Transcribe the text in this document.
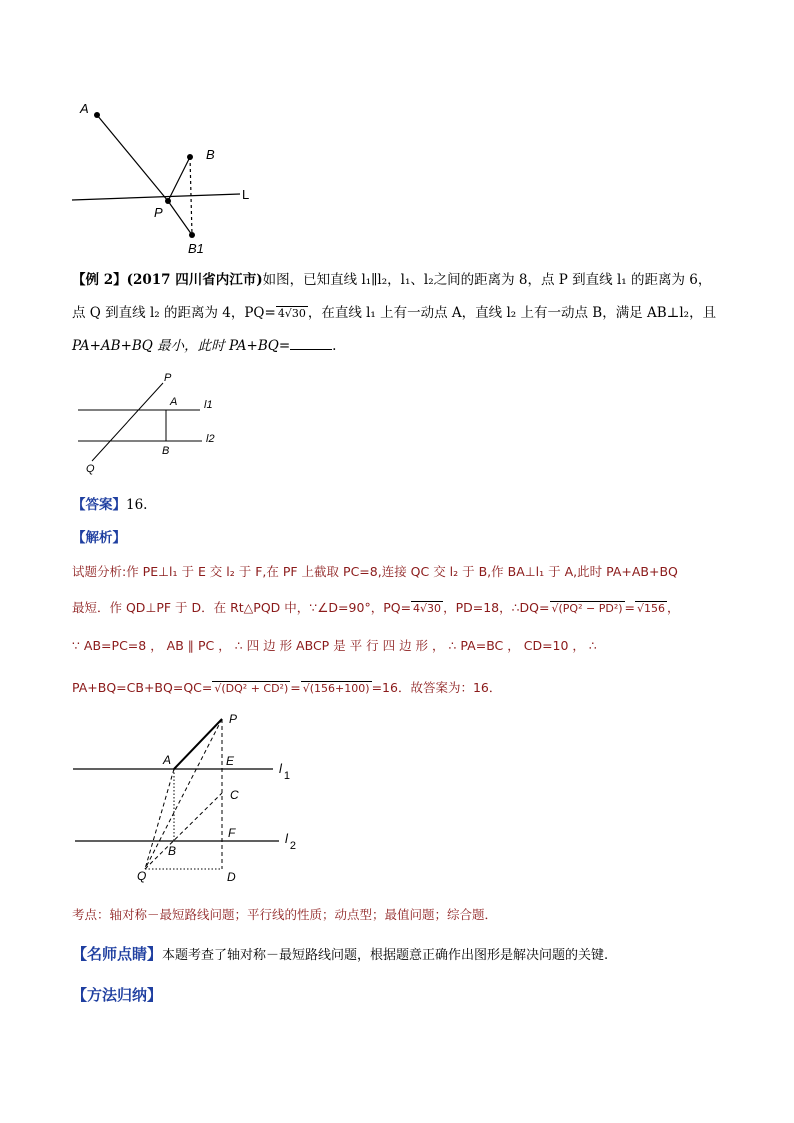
A
B
L
P
B1
【例 2】(2017 四川省内江市)如图，已知直线 l₁∥l₂，l₁、l₂之间的距离为 8，点 P 到直线 l₁ 的距离为 6，
点 Q 到直线 l₂ 的距离为 4，PQ= 4√30 ，在直线 l₁ 上有一动点 A，直线 l₂ 上有一动点 B，满足 AB⊥l₂，且
PA+AB+BQ 最小，此时 PA+BQ=	.
P
A
B
Q
l1
l2
【答案】16.
【解析】
试题分析:作 PE⊥l₁ 于 E 交 l₂ 于 F,在 PF 上截取 PC=8,连接 QC 交 l₂ 于 B,作 BA⊥l₁ 于 A,此时 PA+AB+BQ
最短．作 QD⊥PF 于 D．在 Rt△PQD 中，∵∠D=90°，PQ= 4√30 ，PD=18，∴DQ= √(PQ² − PD²) = √156 ，
∵ AB=PC=8 ， AB ∥ PC ， ∴ 四 边 形 ABCP 是 平 行 四 边 形 ， ∴ PA=BC ， CD=10 ， ∴
PA+BQ=CB+BQ=QC= √(DQ² + CD²) = √(156+100) =16．故答案为：16．
P
A	E
C
F
B
Q	D
l $_1$
l $_2$
考点：轴对称－最短路线问题；平行线的性质；动点型；最值问题；综合题．
【名师点睛】本题考查了轴对称－最短路线问题，根据题意正确作出图形是解决问题的关键.
【方法归纳】
